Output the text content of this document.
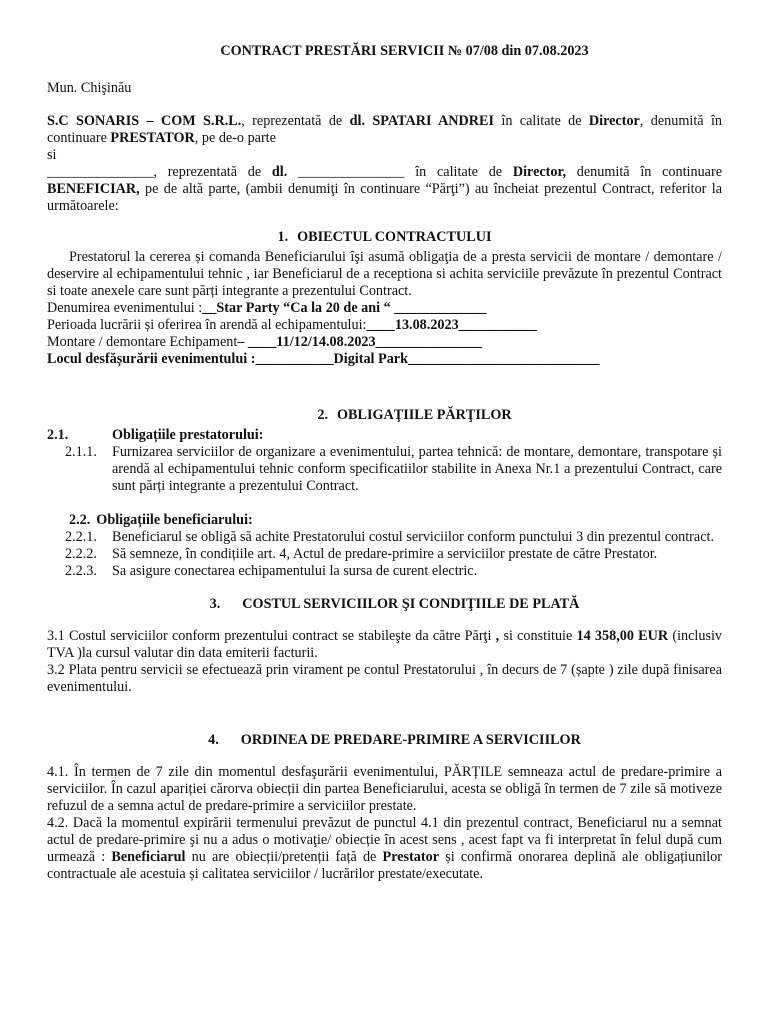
CONTRACT PRESTĂRI SERVICII № 07/08 din 07.08.2023

Mun. Chişinău

S.C SONARIS – COM S.R.L., reprezentată de dl. SPATARI ANDREI în calitate de Director, denumită în continuare PRESTATOR, pe de-o parte

si

_______________, reprezentată de dl. _______________ în calitate de Director, denumită în continuare BENEFICIAR, pe de altă parte, (ambii denumiţi în continuare “Părţi”) au încheiat prezentul Contract, referitor la următoarele:

1. OBIECTUL CONTRACTULUI

Prestatorul la cererea și comanda Beneficiarului îşi asumă obligaţia de a presta servicii de montare / demontare / deservire al echipamentului tehnic , iar Beneficiarul de a receptiona si achita serviciile prevăzute în prezentul Contract si toate anexele care sunt părți integrante a prezentului Contract.

Denumirea evenimentului : __Star Party “Ca la 20 de ani “ _____________
Perioada lucrării și oferirea în arendă al echipamentului: ____13.08.2023___________
Montare / demontare Echipament – ____11/12/14.08.2023_______________
Locul desfășurării evenimentului : ___________Digital Park___________________________
2. OBLIGAŢIILE PĂRŢILOR
2.1.	Obligațiile prestatorului:
2.1.1.	Furnizarea serviciilor de organizare a evenimentului, partea tehnică: de montare, demontare, transpotare și arendă al echipamentului tehnic conform specificatiilor stabilite in Anexa Nr.1 a prezentului Contract, care sunt părți integrante a prezentului Contract.
2.2. Obligațiile beneficiarului:
2.2.1.	Beneficiarul se obligă să achite Prestatorului costul serviciilor conform punctului 3 din prezentul contract.
2.2.2.	Să semneze, în condițiile art. 4, Actul de predare-primire a serviciilor prestate de către Prestator.
2.2.3.	Sa asigure conectarea echipamentului la sursa de curent electric.
3. COSTUL SERVICIILOR ŞI CONDIŢIILE DE PLATĂ

3.1 Costul serviciilor conform prezentului contract se stabileşte da către Părţi , si constituie 14 358,00 EUR (inclusiv TVA )la cursul valutar din data emiterii facturii.

3.2 Plata pentru servicii se efectuează prin virament pe contul Prestatorului , în decurs de 7 (șapte ) zile după finisarea evenimentului.

4. ORDINEA DE PREDARE-PRIMIRE A SERVICIILOR

4.1. În termen de 7 zile din momentul desfaşurării evenimentului, PĂRȚILE semneaza actul de predare-primire a serviciilor. În cazul apariției cărorva obiecții din partea Beneficiarului, acesta se obligă în termen de 7 zile să motiveze refuzul de a semna actul de predare-primire a serviciilor prestate.

4.2. Dacă la momentul expirării termenului prevăzut de punctul 4.1 din prezentul contract, Beneficiarul nu a semnat actul de predare-primire şi nu a adus o motivaţie/ obiecție în acest sens , acest fapt va fi interpretat în felul după cum urmează : Beneficiarul nu are obiecții/pretenții față de Prestator și confirmă onorarea deplină ale obligațiunilor contractuale ale acestuia și calitatea serviciilor / lucrărilor prestate/executate.
